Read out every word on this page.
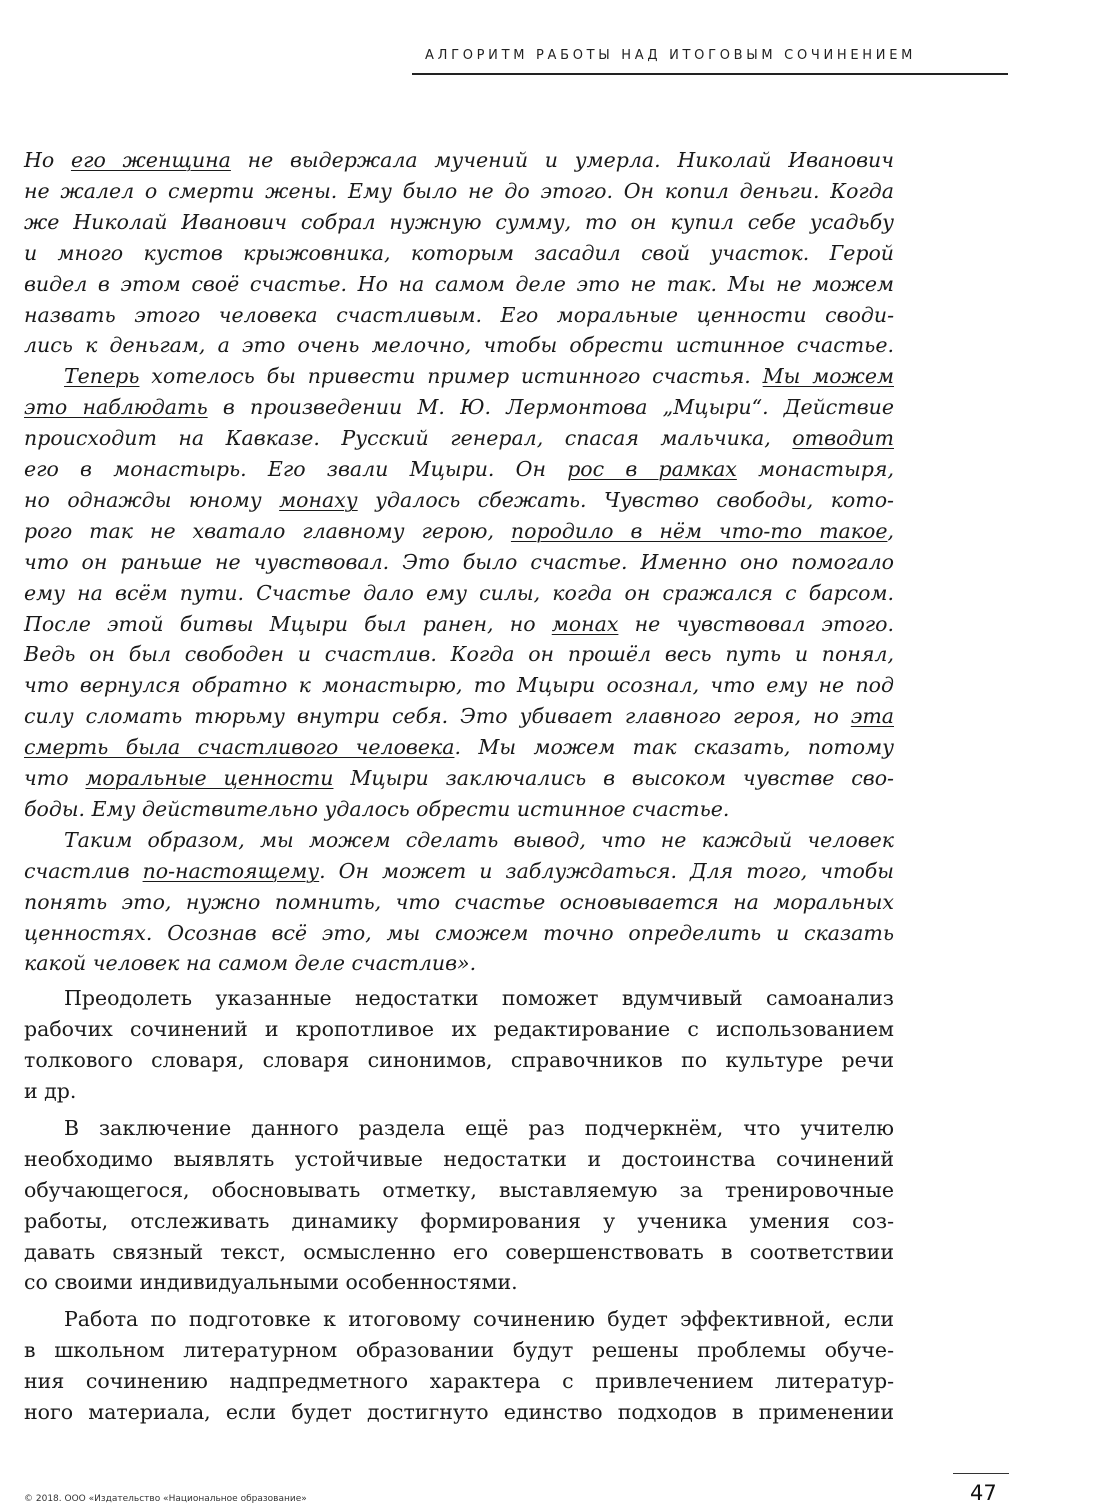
АЛГОРИТМ РАБОТЫ НАД ИТОГОВЫМ СОЧИНЕНИЕМ
Но его женщина не выдержала мучений и умерла. Николай Иванович
не жалел о смерти жены. Ему было не до этого. Он копил деньги. Когда
же Николай Иванович собрал нужную сумму, то он купил себе усадьбу
и много кустов крыжовника, которым засадил свой участок. Герой
видел в этом своё счастье. Но на самом деле это не так. Мы не можем
назвать этого человека счастливым. Его моральные ценности своди-
лись к деньгам, а это очень мелочно, чтобы обрести истинное счастье.
Теперь хотелось бы привести пример истинного счастья. Мы можем
это наблюдать в произведении М. Ю. Лермонтова „Мцыри“. Действие
происходит на Кавказе. Русский генерал, спасая мальчика, отводит
его в монастырь. Его звали Мцыри. Он рос в рамках монастыря,
но однажды юному монаху удалось сбежать. Чувство свободы, кото-
рого так не хватало главному герою, породило в нём что-то такое,
что он раньше не чувствовал. Это было счастье. Именно оно помогало
ему на всём пути. Счастье дало ему силы, когда он сражался с барсом.
После этой битвы Мцыри был ранен, но монах не чувствовал этого.
Ведь он был свободен и счастлив. Когда он прошёл весь путь и понял,
что вернулся обратно к монастырю, то Мцыри осознал, что ему не под
силу сломать тюрьму внутри себя. Это убивает главного героя, но эта
смерть была счастливого человека. Мы можем так сказать, потому
что моральные ценности Мцыри заключались в высоком чувстве сво-
боды. Ему действительно удалось обрести истинное счастье.
Таким образом, мы можем сделать вывод, что не каждый человек
счастлив по-настоящему. Он может и заблуждаться. Для того, чтобы
понять это, нужно помнить, что счастье основывается на моральных
ценностях. Осознав всё это, мы сможем точно определить и сказать
какой человек на самом деле счастлив».
Преодолеть указанные недостатки поможет вдумчивый самоанализ
рабочих сочинений и кропотливое их редактирование с использованием
толкового словаря, словаря синонимов, справочников по культуре речи
и др.
В заключение данного раздела ещё раз подчеркнём, что учителю
необходимо выявлять устойчивые недостатки и достоинства сочинений
обучающегося, обосновывать отметку, выставляемую за тренировочные
работы, отслеживать динамику формирования у ученика умения соз-
давать связный текст, осмысленно его совершенствовать в соответствии
со своими индивидуальными особенностями.
Работа по подготовке к итоговому сочинению будет эффективной, если
в школьном литературном образовании будут решены проблемы обуче-
ния сочинению надпредметного характера с привлечением литератур-
ного материала, если будет достигнуто единство подходов в применении
© 2018. ООО «Издательство «Национальное образование»	47
